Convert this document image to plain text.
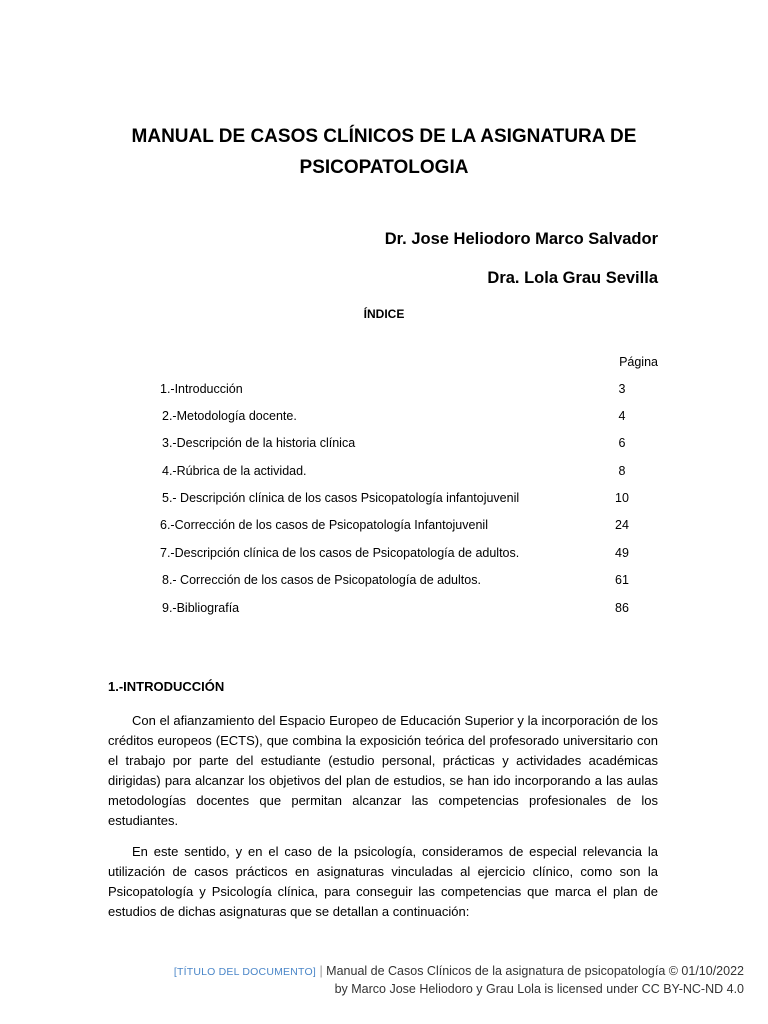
MANUAL DE CASOS CLÍNICOS DE LA ASIGNATURA DE
PSICOPATOLOGIA
Dr. Jose Heliodoro Marco Salvador
Dra. Lola Grau Sevilla
ÍNDICE
Página
1.-Introducción	3
2.-Metodología docente.	4
3.-Descripción de la historia clínica	6
4.-Rúbrica de la actividad.	8
5.- Descripción clínica de los casos Psicopatología infantojuvenil	10
6.-Corrección de los casos de Psicopatología Infantojuvenil	24
7.-Descripción clínica de los casos de Psicopatología de adultos.	49
8.- Corrección de los casos de Psicopatología de adultos.	61
9.-Bibliografía	86
1.-INTRODUCCIÓN

Con el afianzamiento del Espacio Europeo de Educación Superior y la incorporación de los créditos europeos (ECTS), que combina la exposición teórica del profesorado universitario con el trabajo por parte del estudiante (estudio personal, prácticas y actividades académicas dirigidas) para alcanzar los objetivos del plan de estudios, se han ido incorporando a las aulas metodologías docentes que permitan alcanzar las competencias profesionales de los estudiantes.

En este sentido, y en el caso de la psicología, consideramos de especial relevancia la utilización de casos prácticos en asignaturas vinculadas al ejercicio clínico, como son la Psicopatología y Psicología clínica, para conseguir las competencias que marca el plan de estudios de dichas asignaturas que se detallan a continuación:

[TÍTULO DEL DOCUMENTO] | Manual de Casos Clínicos de la asignatura de psicopatología © 01/10/2022
by Marco Jose Heliodoro y Grau Lola is licensed under CC BY-NC-ND 4.0
